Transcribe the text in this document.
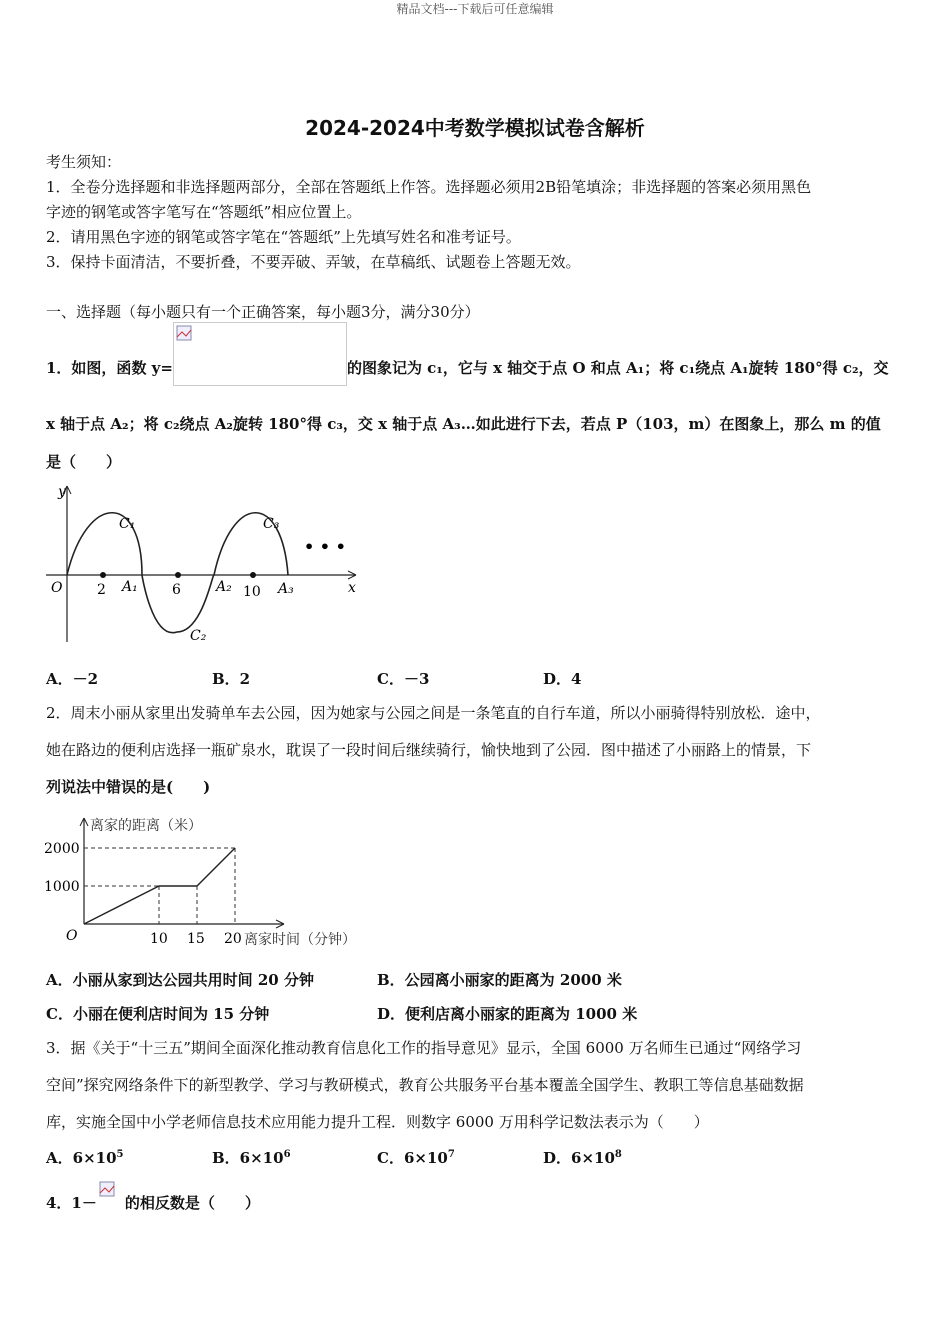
精品文档---下载后可任意编辑
2024-2024中考数学模拟试卷含解析
考生须知：
1．全卷分选择题和非选择题两部分，全部在答题纸上作答。选择题必须用2B铅笔填涂；非选择题的答案必须用黑色
字迹的钢笔或答字笔写在“答题纸”相应位置上。
2．请用黑色字迹的钢笔或答字笔在“答题纸”上先填写姓名和准考证号。
3．保持卡面清洁，不要折叠，不要弄破、弄皱，在草稿纸、试题卷上答题无效。
一、选择题（每小题只有一个正确答案，每小题3分，满分30分）
1．如图，函数 y=	的图象记为 c₁，它与 x 轴交于点 O 和点 A₁；将 c₁绕点 A₁旋转 180°得 c₂，交
x 轴于点 A₂；将 c₂绕点 A₂旋转 180°得 c₃，交 x 轴于点 A₃…如此进行下去，若点 P（103，m）在图象上，那么 m 的值
是（　　）
y
x
O 2	6	10
A₁	A₂	A₃
C₁
C₂
C₃
• • •
A．－2	B．2	C．－3	D．4
2．周末小丽从家里出发骑单车去公园，因为她家与公园之间是一条笔直的自行车道，所以小丽骑得特别放松．途中，
她在路边的便利店选择一瓶矿泉水，耽误了一段时间后继续骑行，愉快地到了公园．图中描述了小丽路上的情景，下
列说法中错误的是(　　)
离家的距离（米）
离家时间（分钟）
2000
1000
O	10 15 20
A．小丽从家到达公园共用时间 20 分钟	B．公园离小丽家的距离为 2000 米
C．小丽在便利店时间为 15 分钟	D．便利店离小丽家的距离为 1000 米
3．据《关于“十三五”期间全面深化推动教育信息化工作的指导意见》显示，全国 6000 万名师生已通过“网络学习
空间”探究网络条件下的新型教学、学习与教研模式，教育公共服务平台基本覆盖全国学生、教职工等信息基础数据
库，实施全国中小学老师信息技术应用能力提升工程．则数字 6000 万用科学记数法表示为（　　）
A．$6\times 10^5$	B．$6\times 10^6$	C．$6\times 10^7$	D．$6\times 10^8$
4．1－ 的相反数是（　　）
